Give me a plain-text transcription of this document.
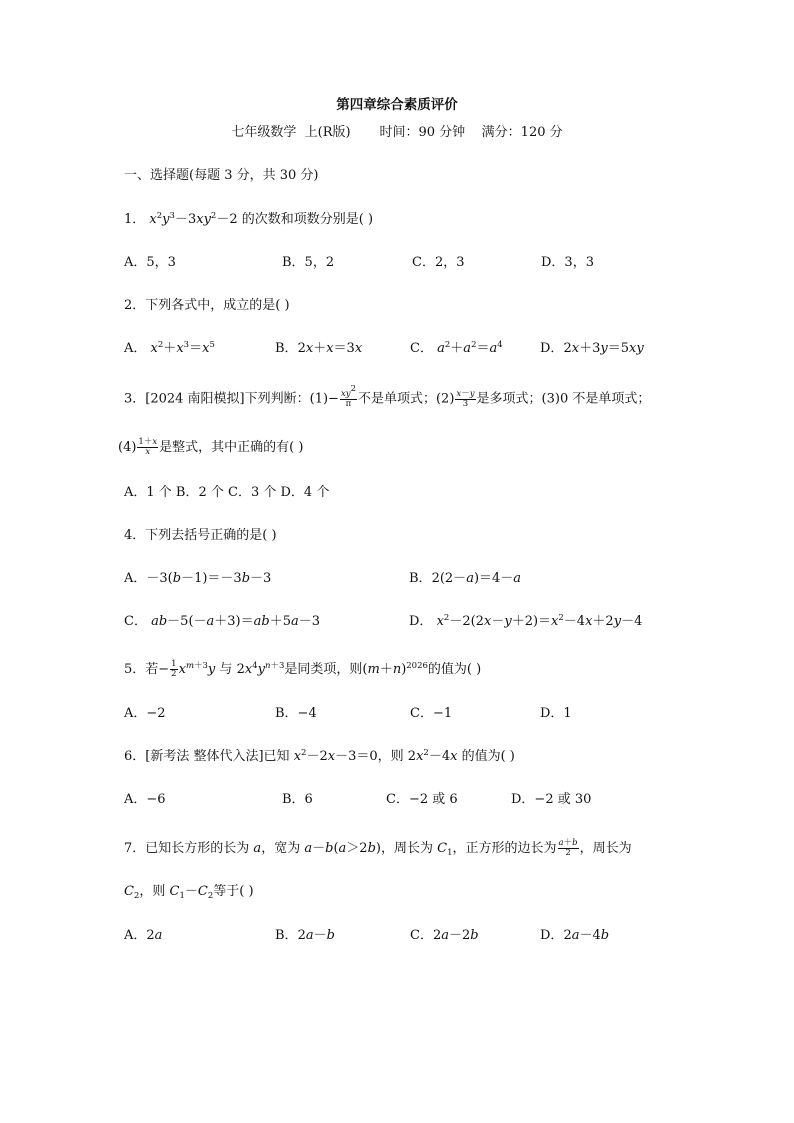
第四章综合素质评价
七年级数学  上(R版)       时间：90 分钟    满分：120 分
一、选择题(每题 3 分，共 30 分)
1． $x^2y^3-3xy^2-2$ 的次数和项数分别是( )
A．5，3	B．5，2	C．2，3	D．3，3
2．下列各式中，成立的是( )
A． $x^2+x^3=x^5$	B．2x＋x＝3x	C． $a^2+a^2=a^4$	D．2x＋3y＝5xy
3．[2024 南阳模拟]下列判断：$(1)- \frac{xy^2}{\pi}$ 不是单项式；$(2) \frac{x-y}{3}$ 是多项式；(3)0 不是单项式；
$(4) \frac{1+x}{x}$ 是整式，其中正确的有( )
A．1 个 B．2 个 C．3 个 D．4 个
4．下列去括号正确的是( )
A．－3(b－1)＝－3b－3	B．2(2－a)＝4－a
C． ab－5(－a＋3)＝ab＋5a－3	D． $x^2-2(2x-y+2)=x^2-4x+2y-4$
5．若− $\frac{1}{2} x^{m+3}y$ 与 $2x^4y^{n+3}$是同类项，则$(m+n)^{2026}$的值为( )
A．−2	B．−4	C．−1	D．1
6．[新考法 整体代入法]已知 $x^2-2x-3=0$，则 $2x^2-4x$ 的值为( )
A．−6	B．6	C．−2 或 6	D．−2 或 30
7．已知长方形的长为 a，宽为 a－b(a＞2b)，周长为 $C_1$，正方形的边长为 $\frac{a+b}{2}$ ，周长为
$C_2$，则 $C_1-C_2$等于( )
A．2a	B．2a－b	C．2a－2b	D．2a－4b
